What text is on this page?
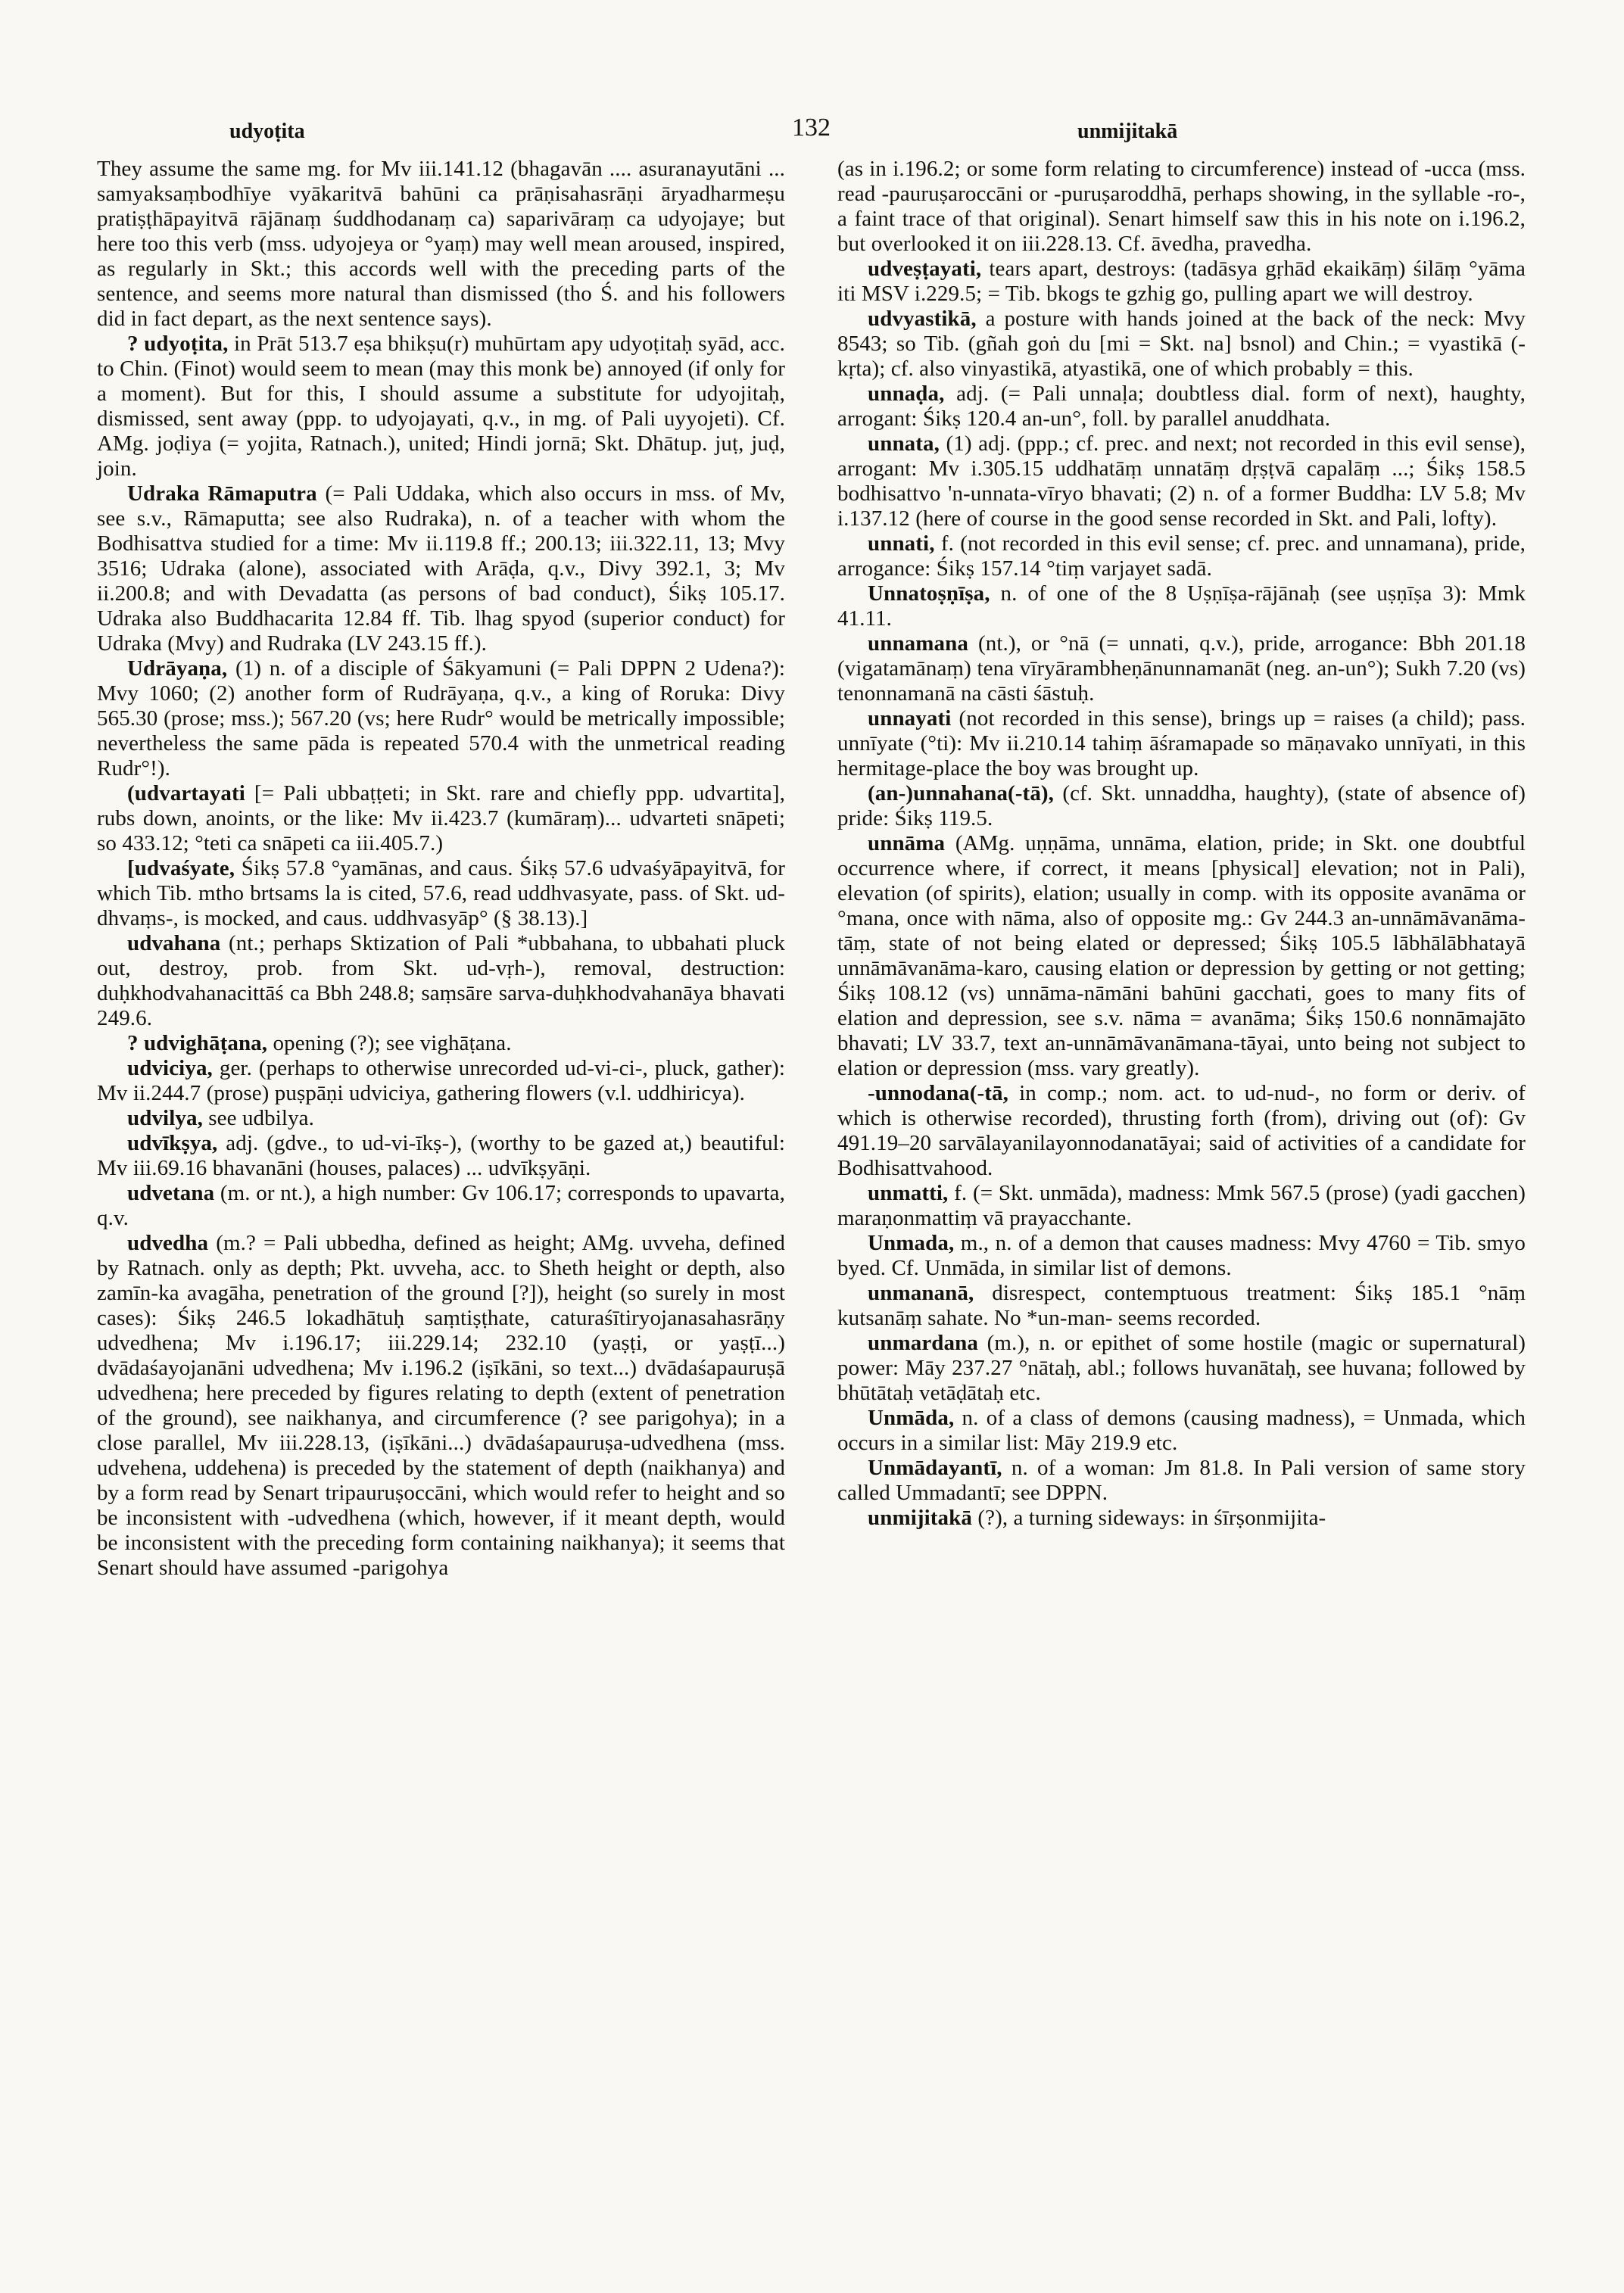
udyoṭita	132	unmijitakā

They assume the same mg. for Mv iii.141.12 (bhagavān .... asuranayutāni ... samyaksaṃbodhīye vyākaritvā bahūni ca prāṇisahasrāṇi āryadharmeṣu pratiṣṭhāpayitvā rājānaṃ śuddhodanaṃ ca) saparivāraṃ ca udyojaye; but here too this verb (mss. udyojeya or °yaṃ) may well mean aroused, inspired, as regularly in Skt.; this accords well with the preceding parts of the sentence, and seems more natural than dismissed (tho Ś. and his followers did in fact depart, as the next sentence says).

? udyoṭita, in Prāt 513.7 eṣa bhikṣu(r) muhūrtam apy udyoṭitaḥ syād, acc. to Chin. (Finot) would seem to mean (may this monk be) annoyed (if only for a moment). But for this, I should assume a substitute for udyojitaḥ, dismissed, sent away (ppp. to udyojayati, q.v., in mg. of Pali uyyojeti). Cf. AMg. joḍiya (= yojita, Ratnach.), united; Hindi jornā; Skt. Dhātup. juṭ, juḍ, join.

Udraka Rāmaputra (= Pali Uddaka, which also occurs in mss. of Mv, see s.v., Rāmaputta; see also Rudraka), n. of a teacher with whom the Bodhisattva studied for a time: Mv ii.119.8 ff.; 200.13; iii.322.11, 13; Mvy 3516; Udraka (alone), associated with Arāḍa, q.v., Divy 392.1, 3; Mv ii.200.8; and with Devadatta (as persons of bad conduct), Śikṣ 105.17. Udraka also Buddhacarita 12.84 ff. Tib. lhag spyod (superior conduct) for Udraka (Mvy) and Rudraka (LV 243.15 ff.).

Udrāyaṇa, (1) n. of a disciple of Śākyamuni (= Pali DPPN 2 Udena?): Mvy 1060; (2) another form of Rudrāyaṇa, q.v., a king of Roruka: Divy 565.30 (prose; mss.); 567.20 (vs; here Rudr° would be metrically impossible; nevertheless the same pāda is repeated 570.4 with the unmetrical reading Rudr°!).

(udvartayati [= Pali ubbaṭṭeti; in Skt. rare and chiefly ppp. udvartita], rubs down, anoints, or the like: Mv ii.423.7 (kumāraṃ)... udvarteti snāpeti; so 433.12; °teti ca snāpeti ca iii.405.7.)

[udvaśyate, Śikṣ 57.8 °yamānas, and caus. Śikṣ 57.6 udvaśyāpayitvā, for which Tib. mtho brtsams la is cited, 57.6, read uddhvasyate, pass. of Skt. ud-dhvaṃs-, is mocked, and caus. uddhvasyāp° (§ 38.13).]

udvahana (nt.; perhaps Sktization of Pali *ubbahana, to ubbahati pluck out, destroy, prob. from Skt. ud-vṛh-), removal, destruction: duḥkhodvahanacittāś ca Bbh 248.8; saṃsāre sarva-duḥkhodvahanāya bhavati 249.6.

? udvighāṭana, opening (?); see vighāṭana.

udviciya, ger. (perhaps to otherwise unrecorded ud-vi-ci-, pluck, gather): Mv ii.244.7 (prose) puṣpāṇi udviciya, gathering flowers (v.l. uddhiricya).

udvilya, see udbilya.

udvīkṣya, adj. (gdve., to ud-vi-īkṣ-), (worthy to be gazed at,) beautiful: Mv iii.69.16 bhavanāni (houses, palaces) ... udvīkṣyāṇi.

udvetana (m. or nt.), a high number: Gv 106.17; corresponds to upavarta, q.v.

udvedha (m.? = Pali ubbedha, defined as height; AMg. uvveha, defined by Ratnach. only as depth; Pkt. uvveha, acc. to Sheth height or depth, also zamīn-ka avagāha, penetration of the ground [?]), height (so surely in most cases): Śikṣ 246.5 lokadhātuḥ saṃtiṣṭhate, caturaśītiryojanasahasrāṇy udvedhena; Mv i.196.17; iii.229.14; 232.10 (yaṣṭi, or yaṣṭī...) dvādaśayojanāni udvedhena; Mv i.196.2 (iṣīkāni, so text...) dvādaśapauruṣā udvedhena; here preceded by figures relating to depth (extent of penetration of the ground), see naikhanya, and circumference (? see parigohya); in a close parallel, Mv iii.228.13, (iṣīkāni...) dvādaśapauruṣa-udvedhena (mss. udvehena, uddehena) is preceded by the statement of depth (naikhanya) and by a form read by Senart tripauruṣoccāni, which would refer to height and so be inconsistent with -udvedhena (which, however, if it meant depth, would be inconsistent with the preceding form containing naikhanya); it seems that Senart should have assumed -parigohya

(as in i.196.2; or some form relating to circumference) instead of -ucca (mss. read -pauruṣaroccāni or -puruṣaroddhā, perhaps showing, in the syllable -ro-, a faint trace of that original). Senart himself saw this in his note on i.196.2, but overlooked it on iii.228.13. Cf. āvedha, pravedha.

udveṣṭayati, tears apart, destroys: (tadāsya gṛhād ekaikāṃ) śilāṃ °yāma iti MSV i.229.5; = Tib. bkogs te gzhig go, pulling apart we will destroy.

udvyastikā, a posture with hands joined at the back of the neck: Mvy 8543; so Tib. (gñah goṅ du [mi = Skt. na] bsnol) and Chin.; = vyastikā (-kṛta); cf. also vinyastikā, atyastikā, one of which probably = this.

unnaḍa, adj. (= Pali unnaḷa; doubtless dial. form of next), haughty, arrogant: Śikṣ 120.4 an-un°, foll. by parallel anuddhata.

unnata, (1) adj. (ppp.; cf. prec. and next; not recorded in this evil sense), arrogant: Mv i.305.15 uddhatāṃ unnatāṃ dṛṣṭvā capalāṃ ...; Śikṣ 158.5 bodhisattvo 'n-unnata-vīryo bhavati; (2) n. of a former Buddha: LV 5.8; Mv i.137.12 (here of course in the good sense recorded in Skt. and Pali, lofty).

unnati, f. (not recorded in this evil sense; cf. prec. and unnamana), pride, arrogance: Śikṣ 157.14 °tiṃ varjayet sadā.

Unnatoṣṇīṣa, n. of one of the 8 Uṣṇīṣa-rājānaḥ (see uṣṇīṣa 3): Mmk 41.11.

unnamana (nt.), or °nā (= unnati, q.v.), pride, arrogance: Bbh 201.18 (vigatamānaṃ) tena vīryārambheṇānunnamanāt (neg. an-un°); Sukh 7.20 (vs) tenonnamanā na cāsti śāstuḥ.

unnayati (not recorded in this sense), brings up = raises (a child); pass. unnīyate (°ti): Mv ii.210.14 tahiṃ āśramapade so māṇavako unnīyati, in this hermitage-place the boy was brought up.

(an-)unnahana(-tā), (cf. Skt. unnaddha, haughty), (state of absence of) pride: Śikṣ 119.5.

unnāma (AMg. uṇṇāma, unnāma, elation, pride; in Skt. one doubtful occurrence where, if correct, it means [physical] elevation; not in Pali), elevation (of spirits), elation; usually in comp. with its opposite avanāma or °mana, once with nāma, also of opposite mg.: Gv 244.3 an-unnāmāvanāma-tāṃ, state of not being elated or depressed; Śikṣ 105.5 lābhālābhatayā unnāmāvanāma-karo, causing elation or depression by getting or not getting; Śikṣ 108.12 (vs) unnāma-nāmāni bahūni gacchati, goes to many fits of elation and depression, see s.v. nāma = avanāma; Śikṣ 150.6 nonnāmajāto bhavati; LV 33.7, text an-unnāmāvanāmana-tāyai, unto being not subject to elation or depression (mss. vary greatly).

-unnodana(-tā, in comp.; nom. act. to ud-nud-, no form or deriv. of which is otherwise recorded), thrusting forth (from), driving out (of): Gv 491.19–20 sarvālayanilayonnodanatāyai; said of activities of a candidate for Bodhisattvahood.

unmatti, f. (= Skt. unmāda), madness: Mmk 567.5 (prose) (yadi gacchen) maraṇonmattiṃ vā prayacchante.

Unmada, m., n. of a demon that causes madness: Mvy 4760 = Tib. smyo byed. Cf. Unmāda, in similar list of demons.

unmananā, disrespect, contemptuous treatment: Śikṣ 185.1 °nāṃ kutsanāṃ sahate. No *un-man- seems recorded.

unmardana (m.), n. or epithet of some hostile (magic or supernatural) power: Māy 237.27 °nātaḥ, abl.; follows huvanātaḥ, see huvana; followed by bhūtātaḥ vetāḍātaḥ etc.

Unmāda, n. of a class of demons (causing madness), = Unmada, which occurs in a similar list: Māy 219.9 etc.

Unmādayantī, n. of a woman: Jm 81.8. In Pali version of same story called Ummadantī; see DPPN.

unmijitakā (?), a turning sideways: in śīrṣonmijita-
